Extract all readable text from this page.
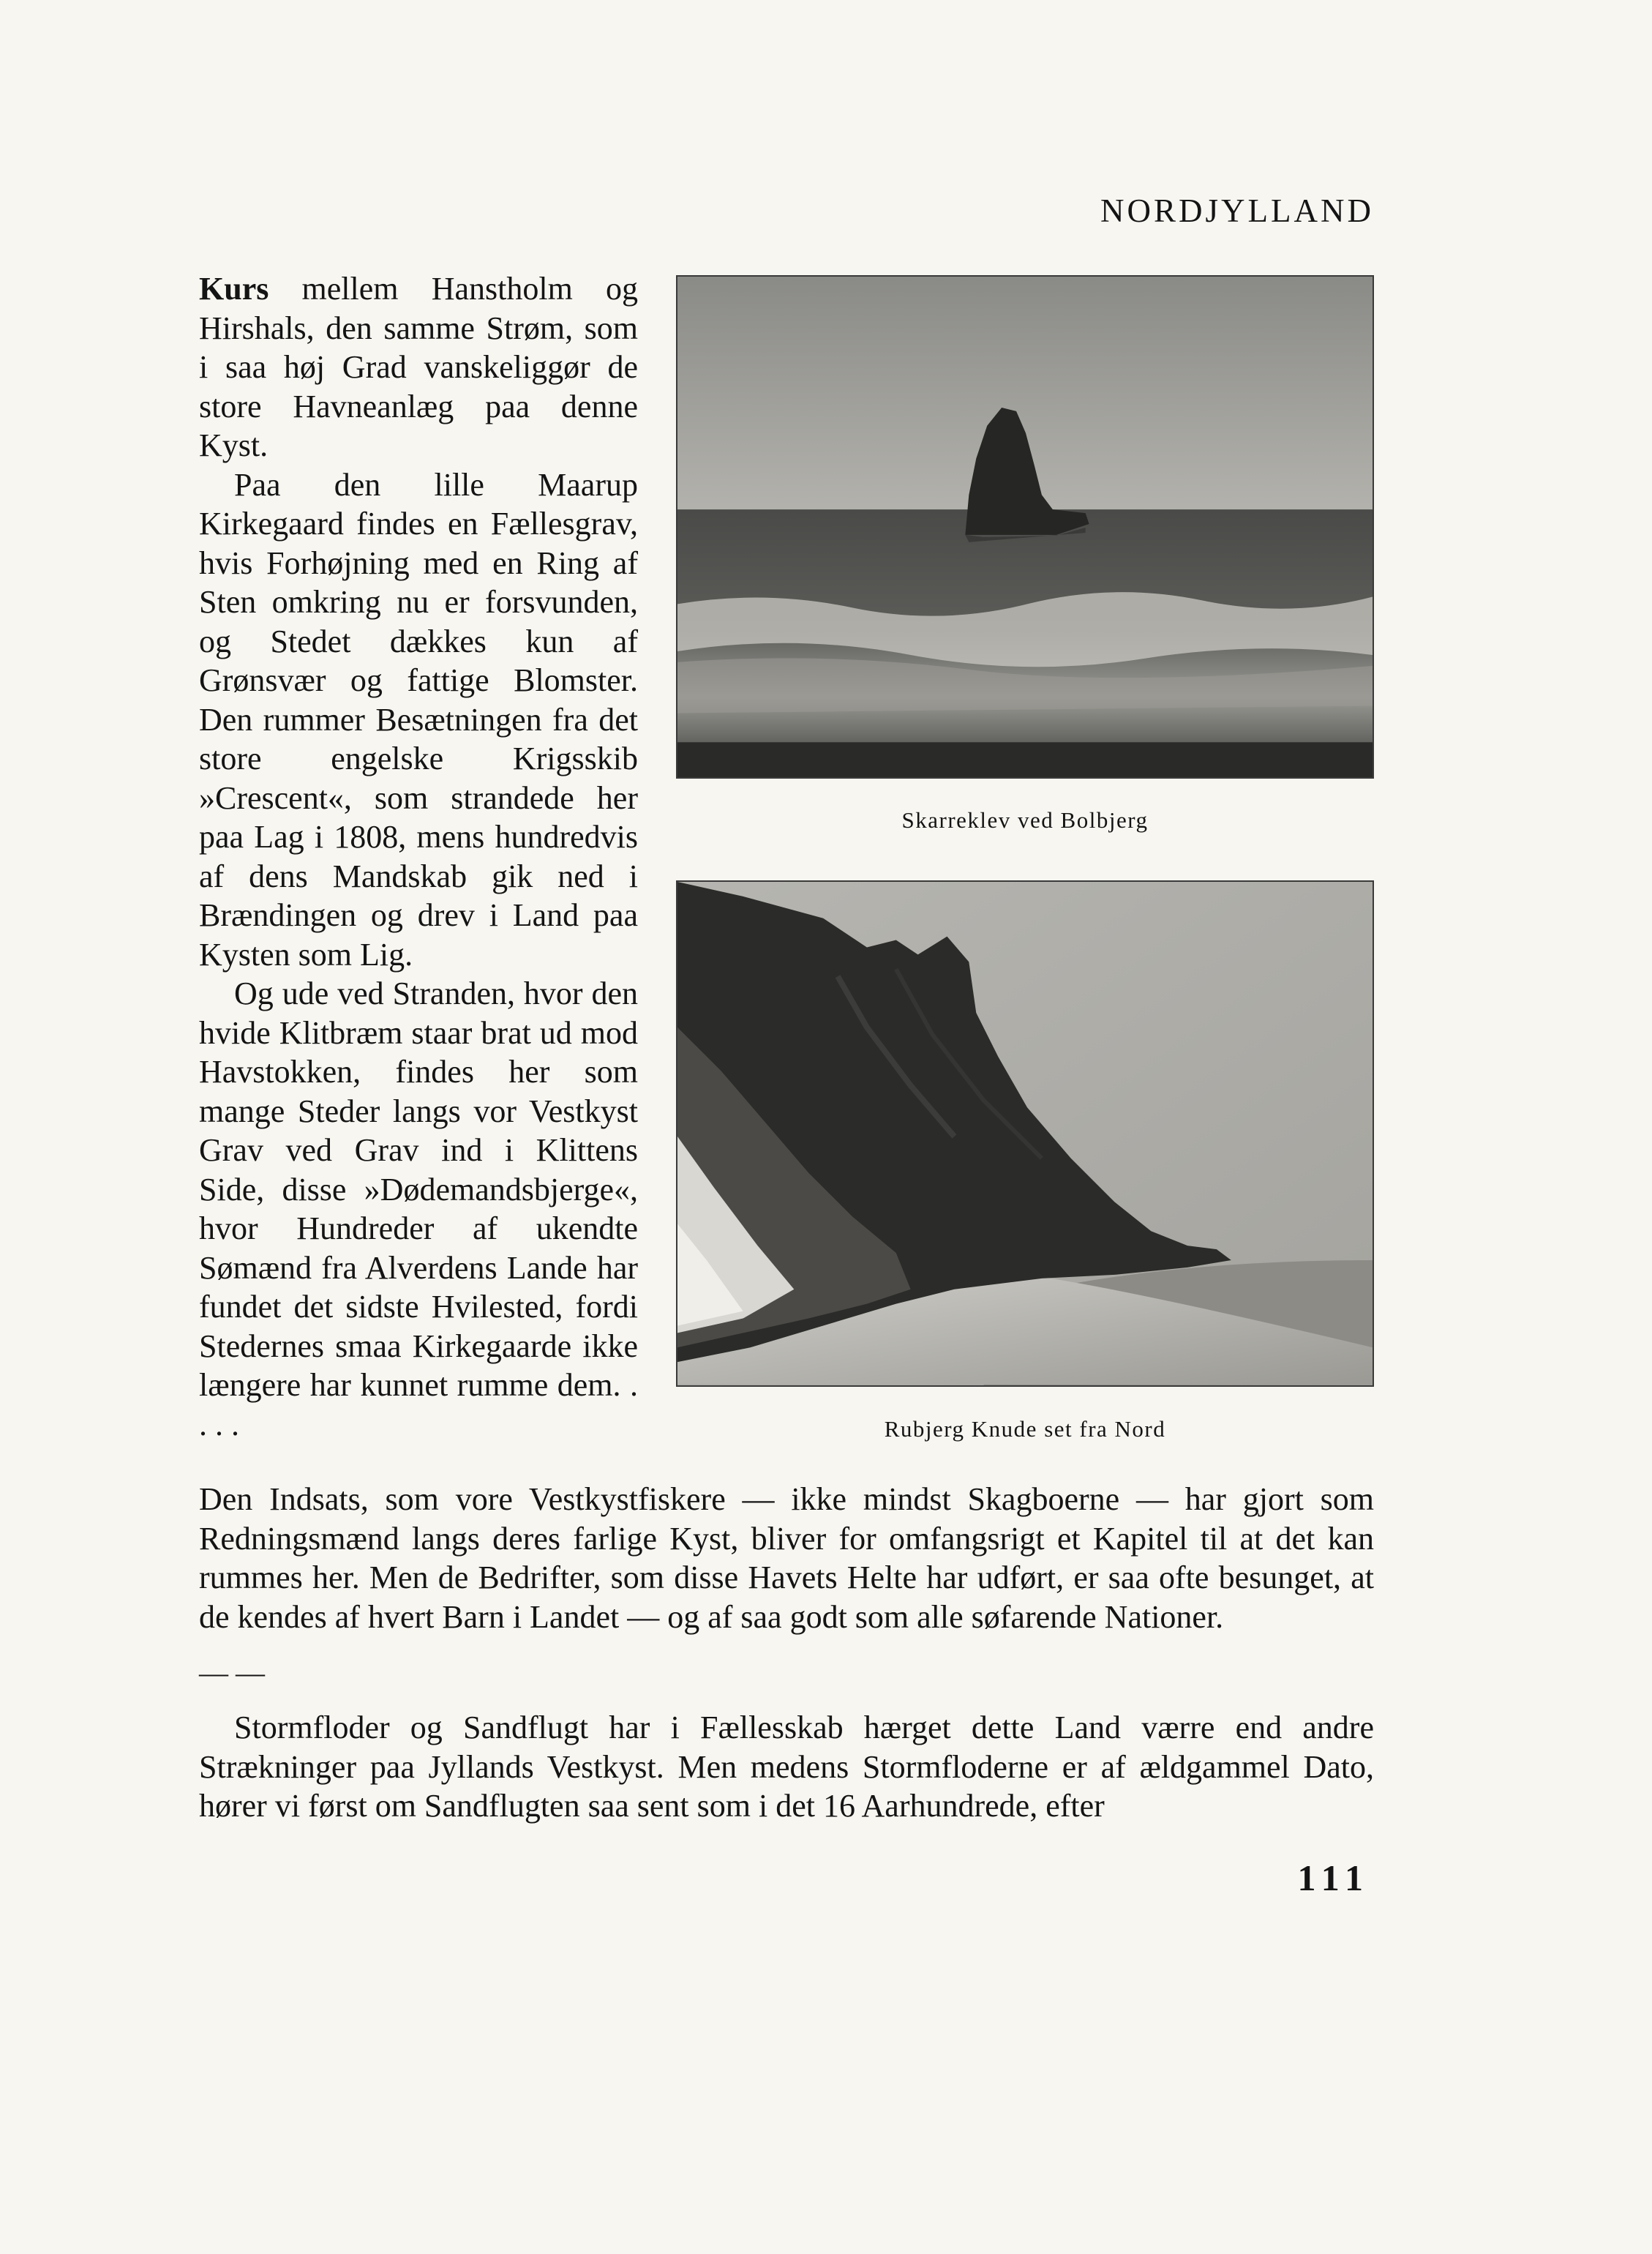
NORDJYLLAND

Kurs mellem Hanstholm og Hirshals, den samme Strøm, som i saa høj Grad vanskeliggør de store Havneanlæg paa denne Kyst.

Paa den lille Maarup Kirkegaard findes en Fællesgrav, hvis Forhøjning med en Ring af Sten omkring nu er forsvunden, og Stedet dækkes kun af Grønsvær og fattige Blomster. Den rummer Besætningen fra det store engelske Krigsskib »Crescent«, som strandede her paa Lag i 1808, mens hundredvis af dens Mandskab gik ned i Brændingen og drev i Land paa Kysten som Lig.

Og ude ved Stranden, hvor den hvide Klitbræm staar brat ud mod Havstokken, findes her som mange Steder langs vor Vestkyst Grav ved Grav ind i Klittens Side, disse »Dødemandsbjerge«, hvor Hundreder af ukendte Sømænd fra Alverdens Lande har fundet det sidste Hvilested, fordi Stedernes smaa Kirkegaarde ikke længere har kunnet rumme dem. . . . .

Skarreklev ved Bolbjerg
Rubjerg Knude set fra Nord

Den Indsats, som vore Vestkystfiskere — ikke mindst Skagboerne — har gjort som Redningsmænd langs deres farlige Kyst, bliver for omfangsrigt et Kapitel til at det kan rummes her. Men de Bedrifter, som disse Havets Helte har udført, er saa ofte besunget, at de kendes af hvert Barn i Landet — og af saa godt som alle søfarende Nationer.

— —

Stormfloder og Sandflugt har i Fællesskab hærget dette Land værre end andre Strækninger paa Jyllands Vestkyst. Men medens Stormfloderne er af ældgammel Dato, hører vi først om Sandflugten saa sent som i det 16 Aarhundrede, efter

111
